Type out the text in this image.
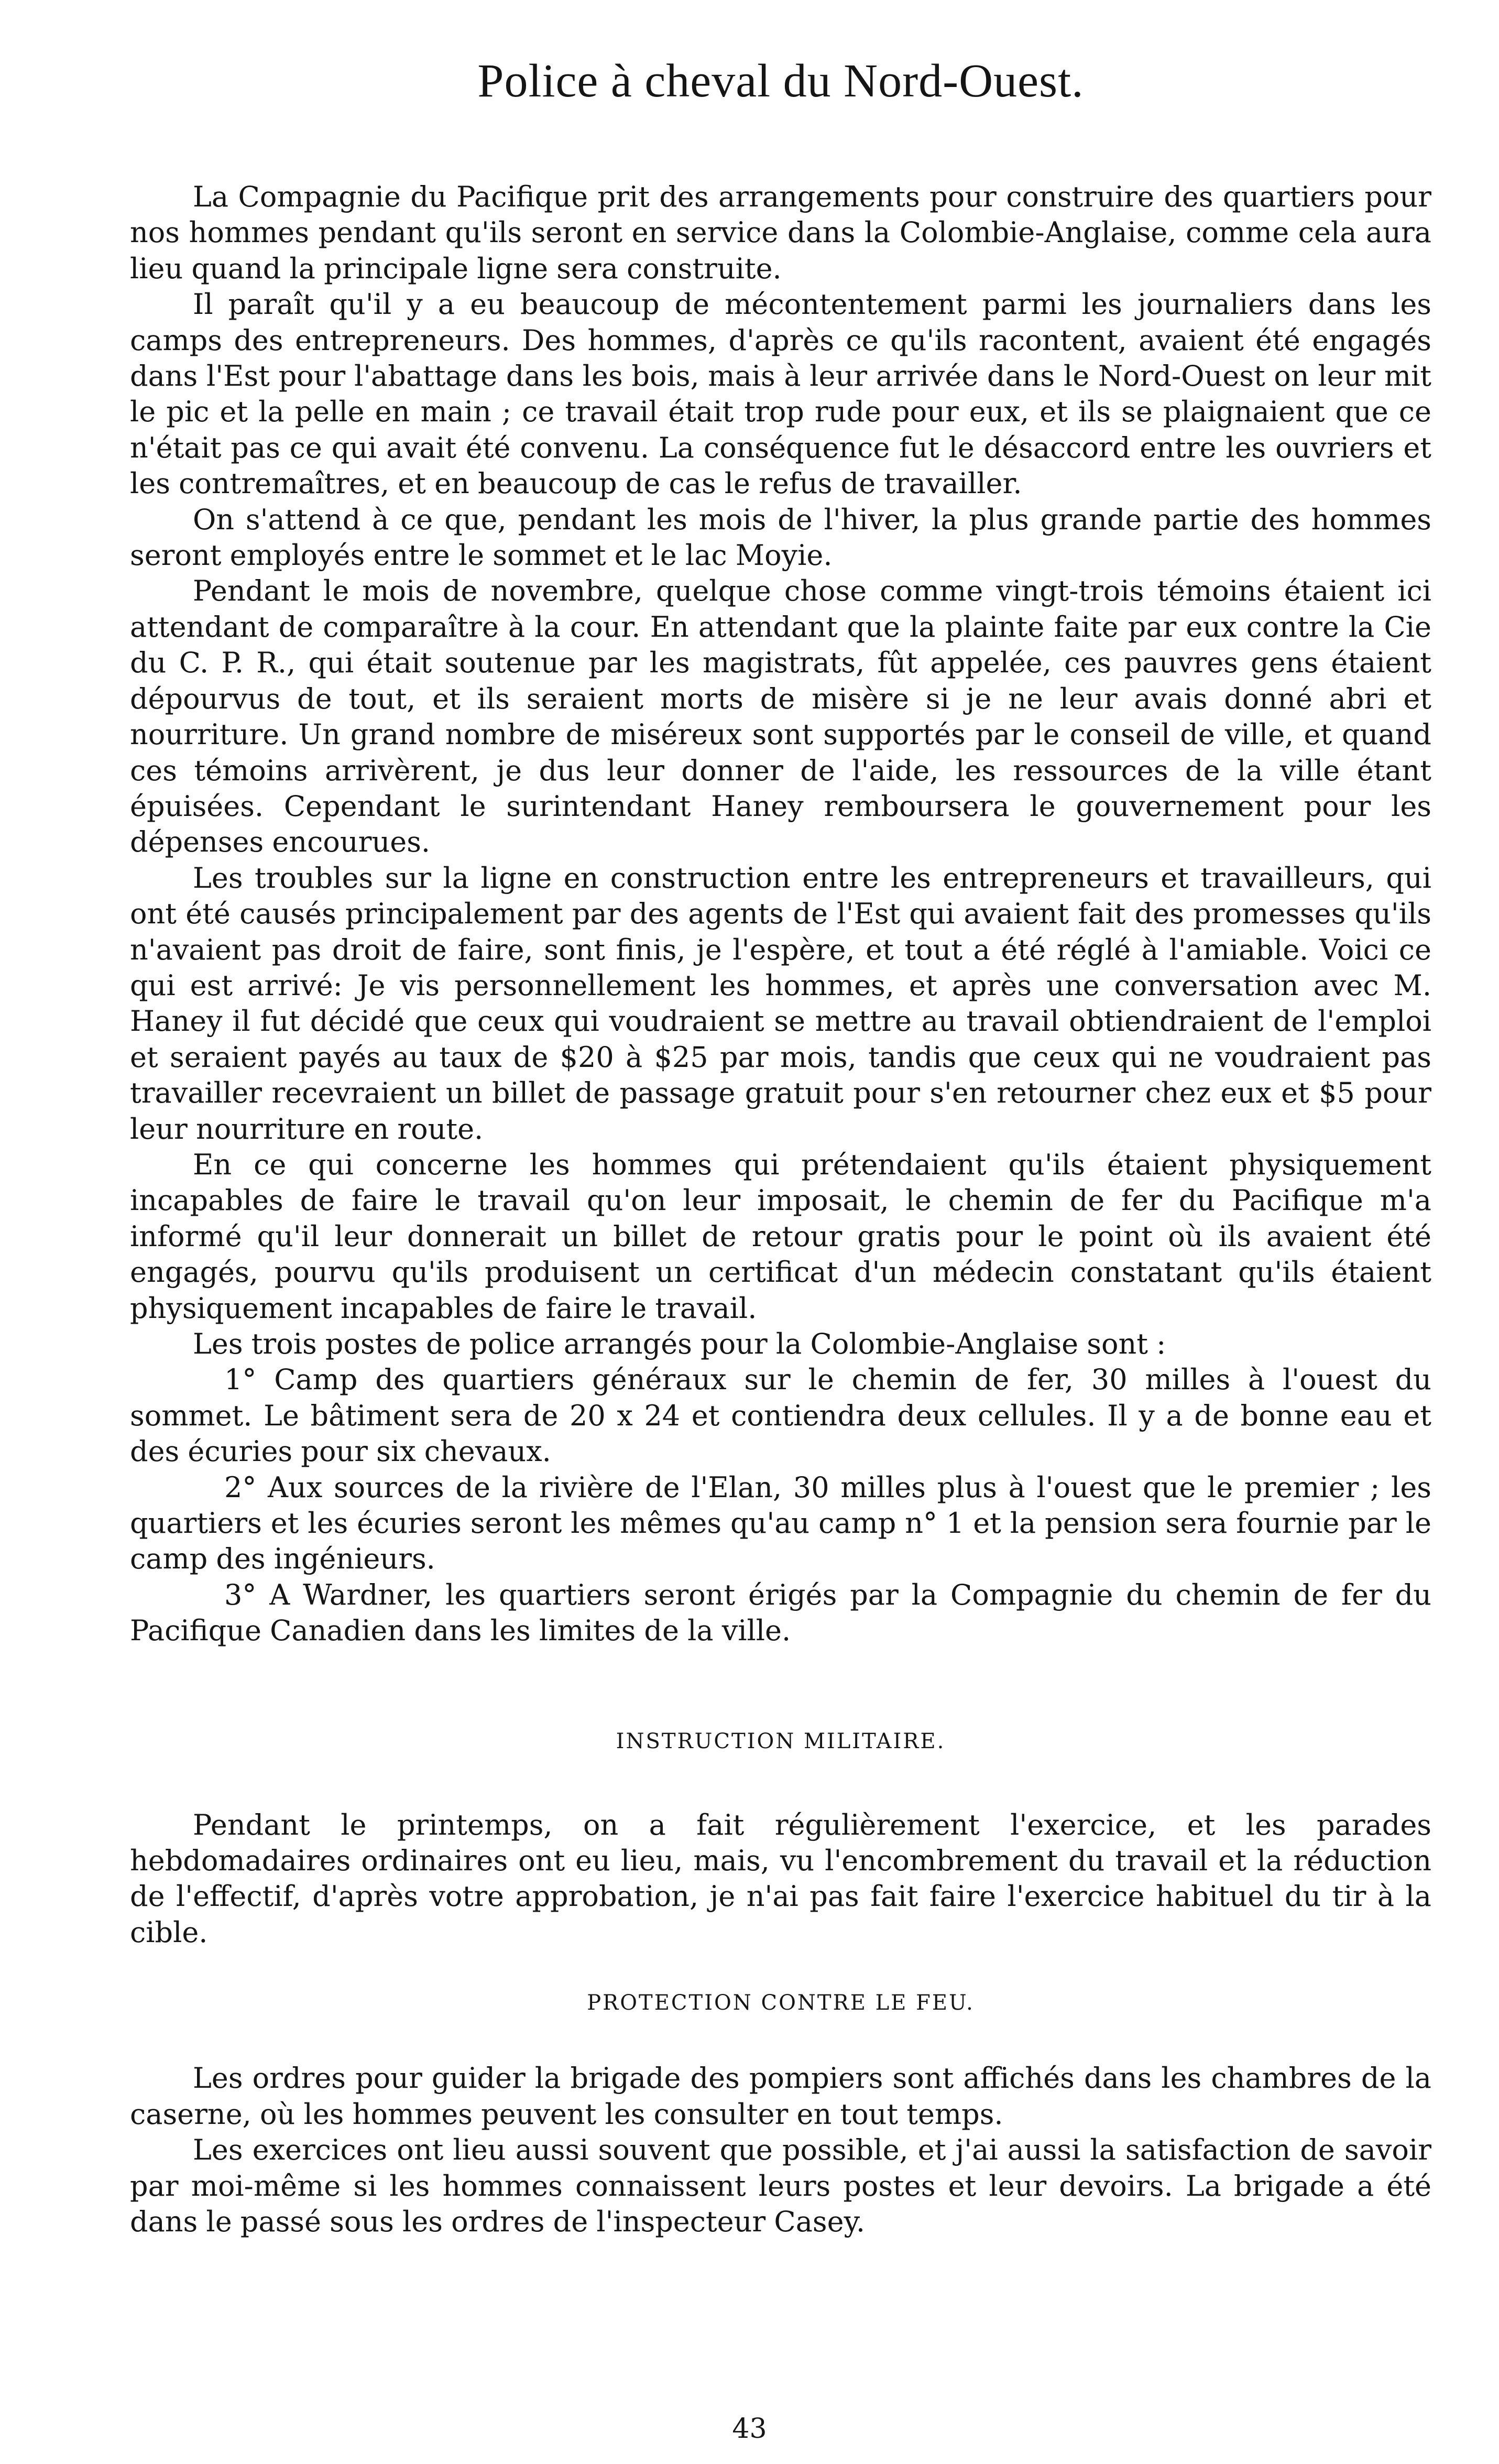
Police à cheval du Nord-Ouest.

La Compagnie du Pacifique prit des arrangements pour construire des quartiers pour nos hommes pendant qu'ils seront en service dans la Colombie-Anglaise, comme cela aura lieu quand la principale ligne sera construite.

Il paraît qu'il y a eu beaucoup de mécontentement parmi les journaliers dans les camps des entrepreneurs. Des hommes, d'après ce qu'ils racontent, avaient été engagés dans l'Est pour l'abattage dans les bois, mais à leur arrivée dans le Nord-Ouest on leur mit le pic et la pelle en main ; ce travail était trop rude pour eux, et ils se plaignaient que ce n'était pas ce qui avait été convenu. La conséquence fut le désaccord entre les ouvriers et les contremaîtres, et en beaucoup de cas le refus de travailler.

On s'attend à ce que, pendant les mois de l'hiver, la plus grande partie des hommes seront employés entre le sommet et le lac Moyie.

Pendant le mois de novembre, quelque chose comme vingt-trois témoins étaient ici attendant de comparaître à la cour. En attendant que la plainte faite par eux contre la Cie du C. P. R., qui était soutenue par les magistrats, fût appelée, ces pauvres gens étaient dépourvus de tout, et ils seraient morts de misère si je ne leur avais donné abri et nourriture. Un grand nombre de miséreux sont supportés par le conseil de ville, et quand ces témoins arrivèrent, je dus leur donner de l'aide, les ressources de la ville étant épuisées. Cependant le surintendant Haney remboursera le gouvernement pour les dépenses encourues.

Les troubles sur la ligne en construction entre les entrepreneurs et travailleurs, qui ont été causés principalement par des agents de l'Est qui avaient fait des promesses qu'ils n'avaient pas droit de faire, sont finis, je l'espère, et tout a été réglé à l'amiable. Voici ce qui est arrivé: Je vis personnellement les hommes, et après une conversation avec M. Haney il fut décidé que ceux qui voudraient se mettre au travail obtiendraient de l'emploi et seraient payés au taux de $20 à $25 par mois, tandis que ceux qui ne voudraient pas travailler recevraient un billet de passage gratuit pour s'en retourner chez eux et $5 pour leur nourriture en route.

En ce qui concerne les hommes qui prétendaient qu'ils étaient physiquement incapables de faire le travail qu'on leur imposait, le chemin de fer du Pacifique m'a informé qu'il leur donnerait un billet de retour gratis pour le point où ils avaient été engagés, pourvu qu'ils produisent un certificat d'un médecin constatant qu'ils étaient physiquement incapables de faire le travail.

Les trois postes de police arrangés pour la Colombie-Anglaise sont :

1° Camp des quartiers généraux sur le chemin de fer, 30 milles à l'ouest du sommet. Le bâtiment sera de 20 x 24 et contiendra deux cellules. Il y a de bonne eau et des écuries pour six chevaux.

2° Aux sources de la rivière de l'Elan, 30 milles plus à l'ouest que le premier ; les quartiers et les écuries seront les mêmes qu'au camp n° 1 et la pension sera fournie par le camp des ingénieurs.

3° A Wardner, les quartiers seront érigés par la Compagnie du chemin de fer du Pacifique Canadien dans les limites de la ville.

INSTRUCTION MILITAIRE.

Pendant le printemps, on a fait régulièrement l'exercice, et les parades hebdomadaires ordinaires ont eu lieu, mais, vu l'encombrement du travail et la réduction de l'effectif, d'après votre approbation, je n'ai pas fait faire l'exercice habituel du tir à la cible.

PROTECTION CONTRE LE FEU.

Les ordres pour guider la brigade des pompiers sont affichés dans les chambres de la caserne, où les hommes peuvent les consulter en tout temps.

Les exercices ont lieu aussi souvent que possible, et j'ai aussi la satisfaction de savoir par moi-même si les hommes connaissent leurs postes et leur devoirs. La brigade a été dans le passé sous les ordres de l'inspecteur Casey.

43
